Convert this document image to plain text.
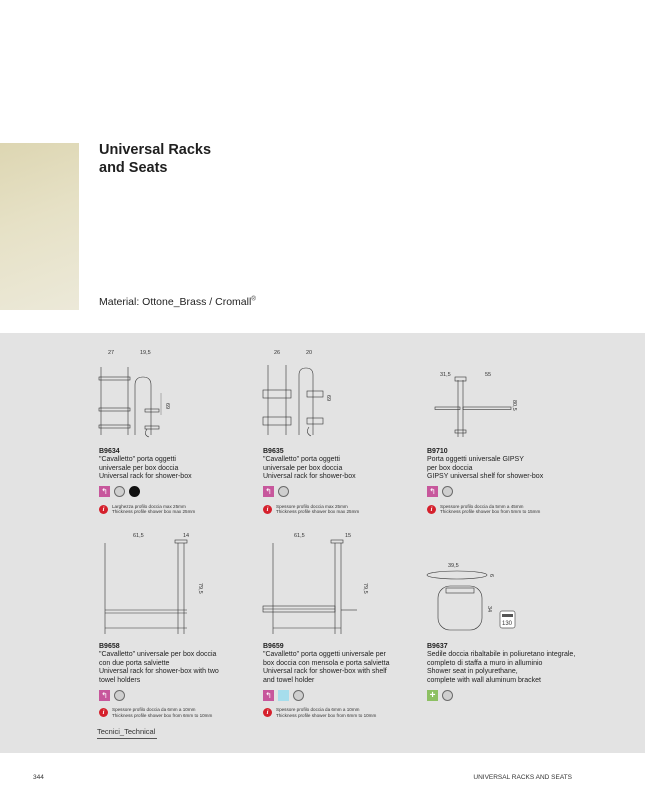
Universal Racks
and Seats
Material: Ottone_Brass / Cromall®
27	19,5
69
26	20
69
31,5	55
80,5
61,5	14
79,5
61,5	15
79,5
39,5
6
34
130
B9634
"Cavalletto" porta oggetti
universale per box doccia
Universal rack for shower-box
↰
i	Larghezza profilo doccia max 25mm
Thickness profile shower box max 25mm
B9635
"Cavalletto" porta oggetti
universale per box doccia
Universal rack for shower-box
↰
i	Spessore profilo doccia max 25mm
Thickness profile shower box max 25mm
B9710
Porta oggetti universale GIPSY
per box doccia
GIPSY universal shelf for shower-box
↰
i	Spessore profilo doccia da 5mm a 45mm
Thickness profile shower box from 5mm to 15mm
B9658
"Cavalletto" universale per box doccia
con due porta salviette
Universal rack for shower-box with two
towel holders
↰
i	Spessore profilo doccia da 6mm a 10mm
Thickness profile shower box from 6mm to 10mm
B9659
"Cavalletto" porta oggetti universale per
box doccia con mensola e porta salvietta
Universal rack for shower-box with shelf
and towel holder
↰
i	Spessore profilo doccia da 6mm a 10mm
Thickness profile shower box from 6mm to 10mm
B9637
Sedile doccia ribaltabile in poliuretano integrale,
completo di staffa a muro in alluminio
Shower seat in polyurethane,
complete with wall aluminum bracket
+
Tecnici_Technical
344	UNIVERSAL RACKS AND SEATS
